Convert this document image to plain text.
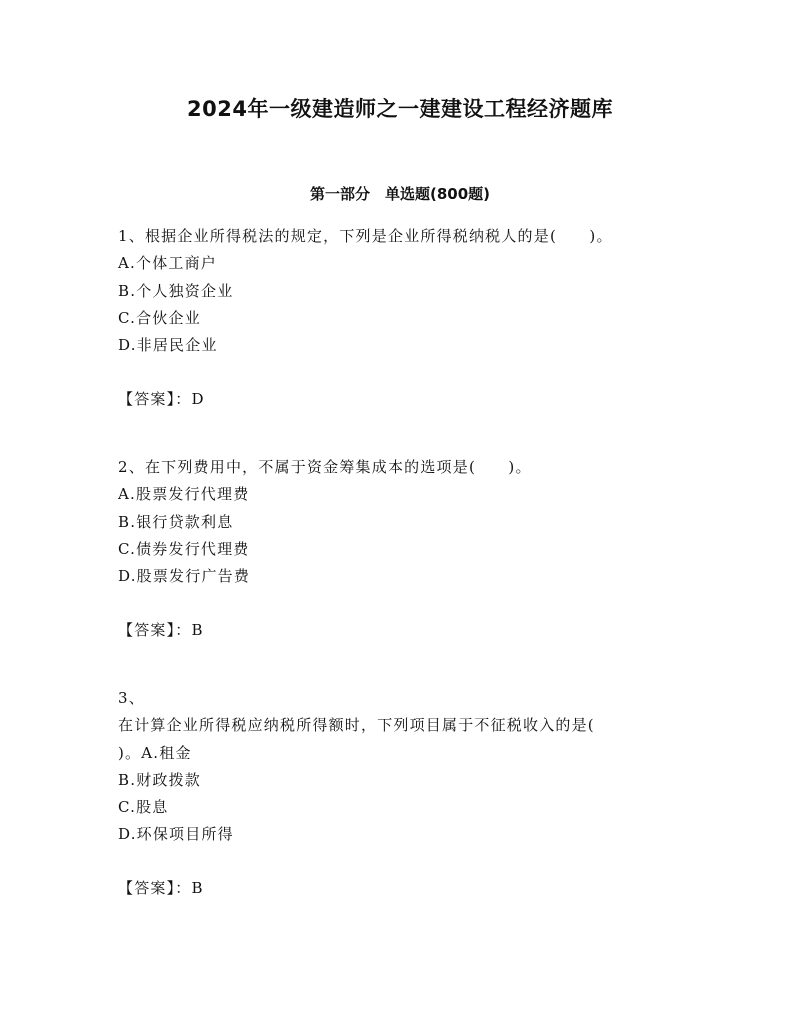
2024年一级建造师之一建建设工程经济题库
第一部分　单选题(800题)
1、根据企业所得税法的规定，下列是企业所得税纳税人的是(　　)。
A.个体工商户
B.个人独资企业
C.合伙企业
D.非居民企业
【答案】：D
2、在下列费用中，不属于资金筹集成本的选项是(　　)。
A.股票发行代理费
B.银行贷款利息
C.债券发行代理费
D.股票发行广告费
【答案】：B
3、
在计算企业所得税应纳税所得额时，下列项目属于不征税收入的是(
)。A.租金
B.财政拨款
C.股息
D.环保项目所得
【答案】：B
